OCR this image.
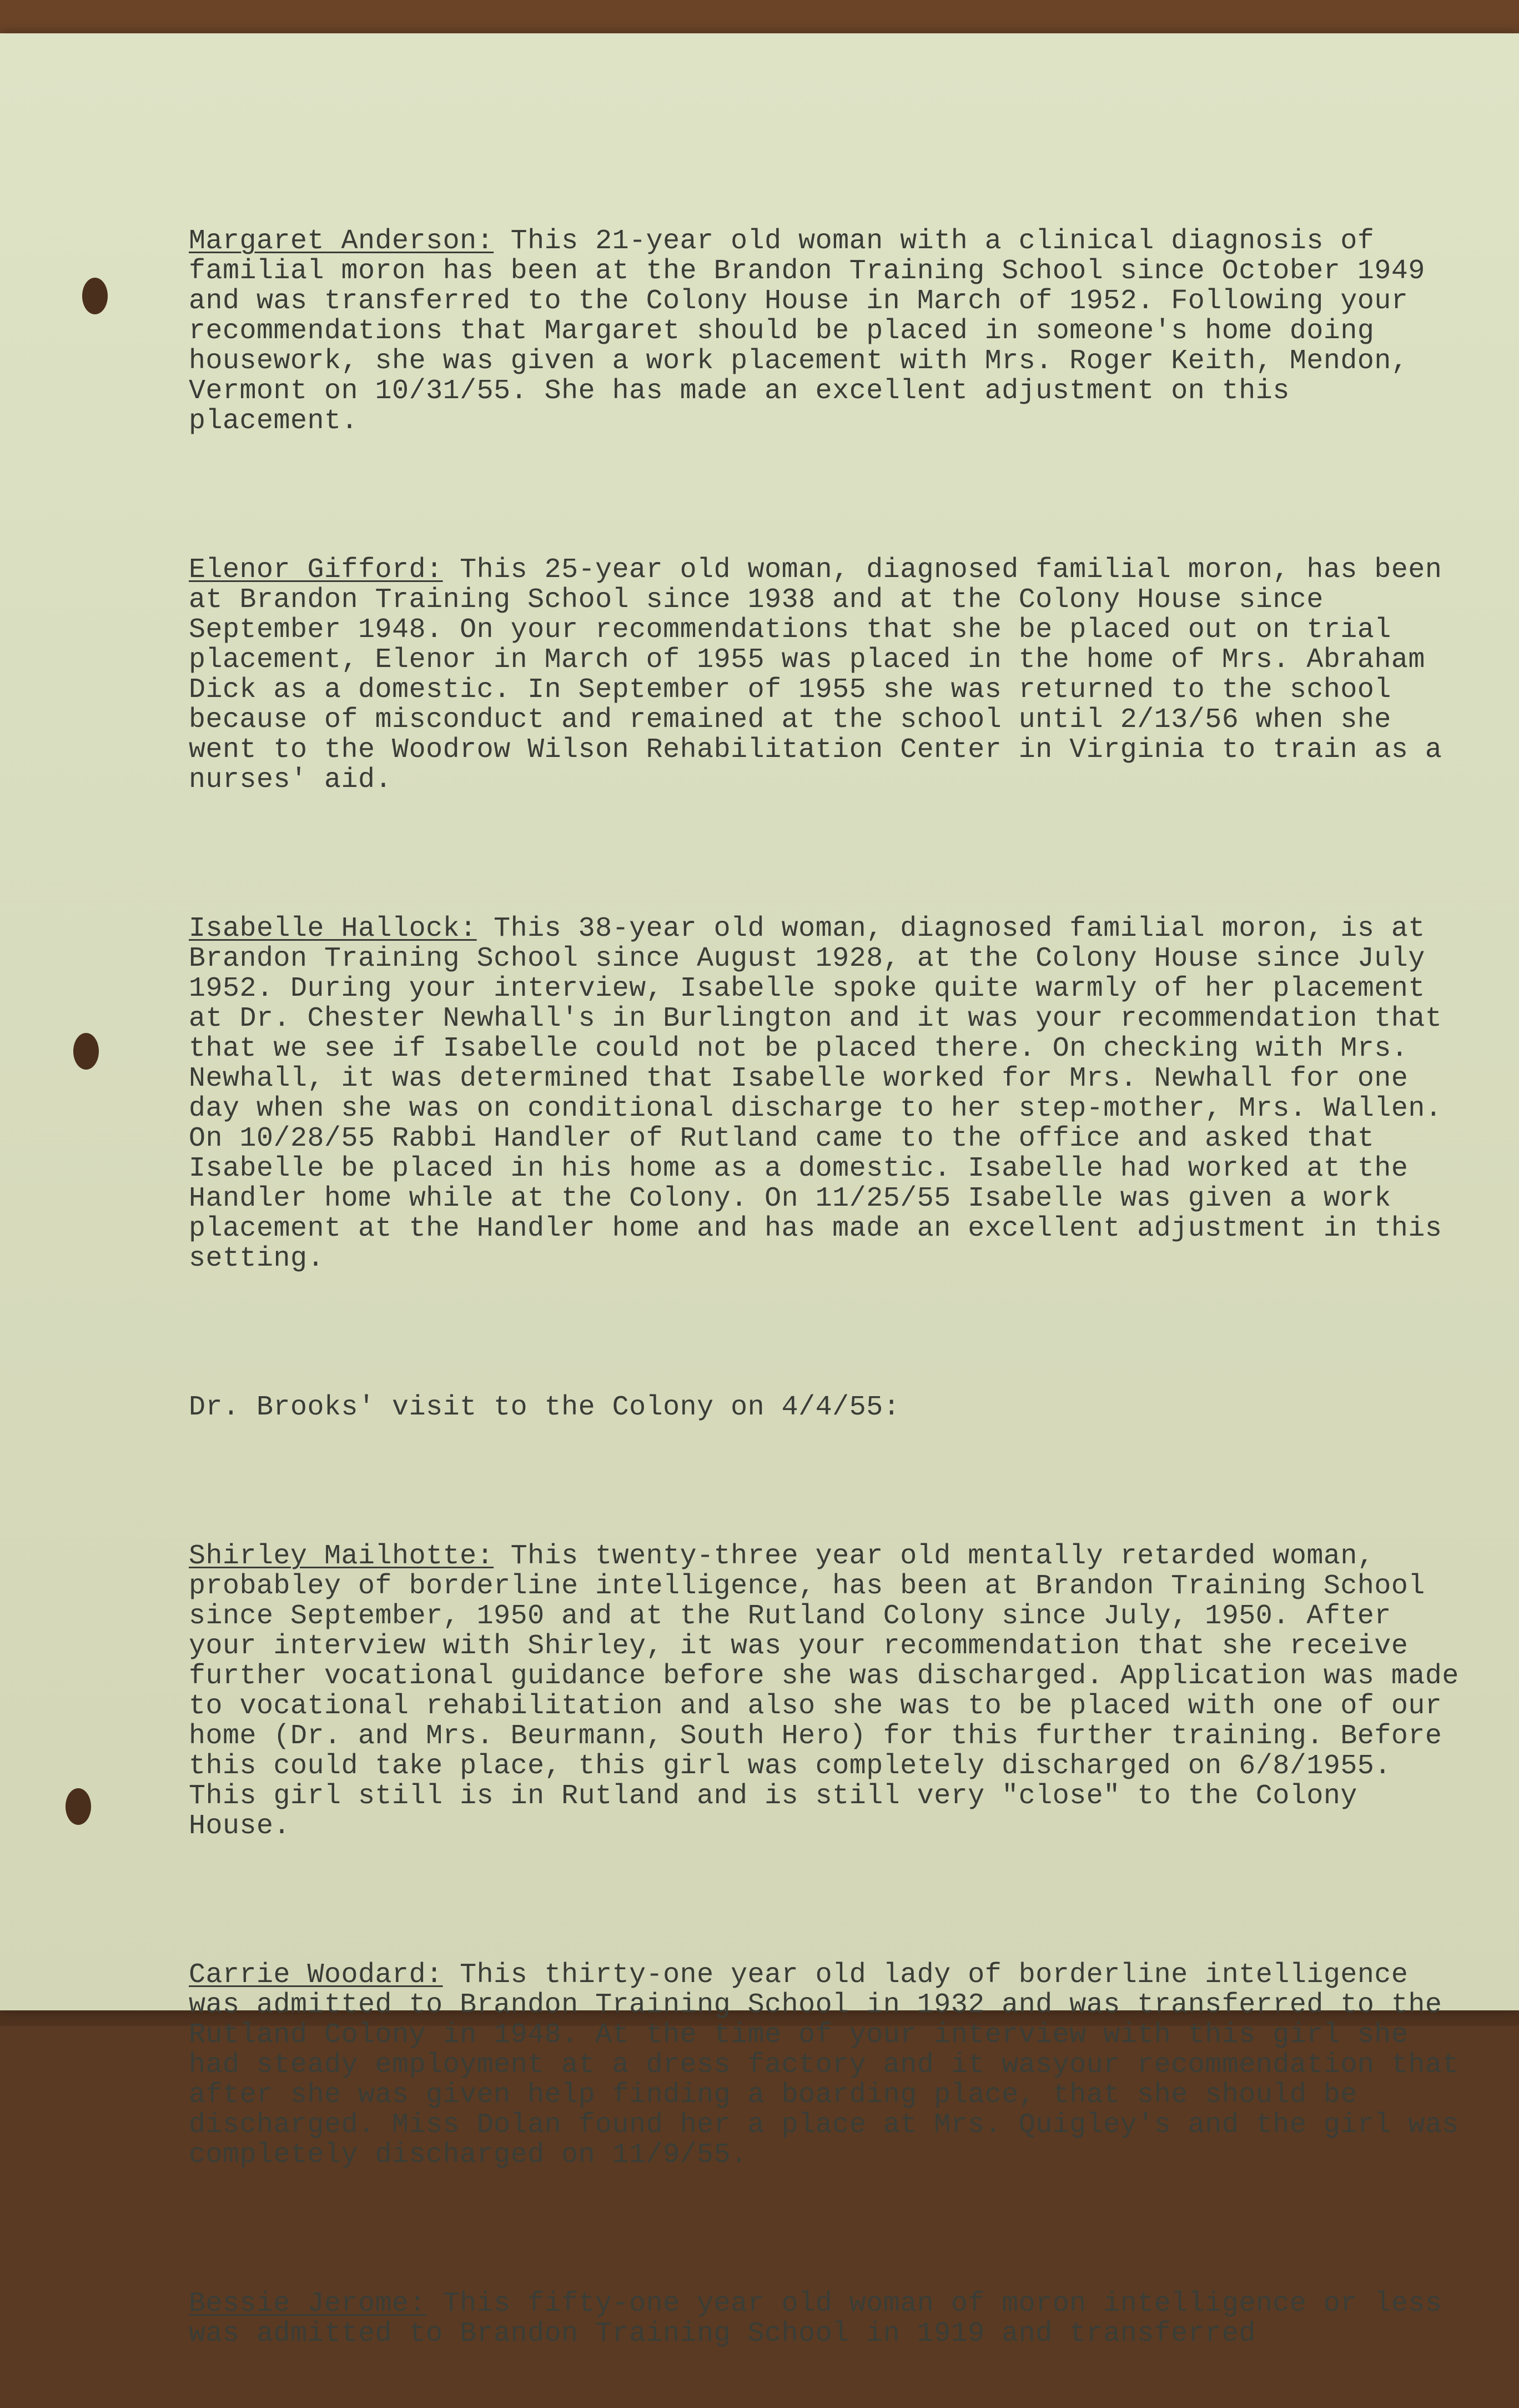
Margaret Anderson: This 21-year old woman with a clinical diagnosis of familial moron has been at the Brandon Training School since October 1949 and was transferred to the Colony House in March of 1952. Following your recommendations that Margaret should be placed in someone's home doing housework, she was given a work placement with Mrs. Roger Keith, Mendon, Vermont on 10/31/55. She has made an excellent adjustment on this placement.

Elenor Gifford: This 25-year old woman, diagnosed familial moron, has been at Brandon Training School since 1938 and at the Colony House since September 1948. On your recommendations that she be placed out on trial placement, Elenor in March of 1955 was placed in the home of Mrs. Abraham Dick as a domestic. In September of 1955 she was returned to the school because of misconduct and remained at the school until 2/13/56 when she went to the Woodrow Wilson Rehabilitation Center in Virginia to train as a nurses' aid.

Isabelle Hallock: This 38-year old woman, diagnosed familial moron, is at Brandon Training School since August 1928, at the Colony House since July 1952. During your interview, Isabelle spoke quite warmly of her placement at Dr. Chester Newhall's in Burlington and it was your recommendation that that we see if Isabelle could not be placed there. On checking with Mrs. Newhall, it was determined that Isabelle worked for Mrs. Newhall for one day when she was on conditional discharge to her step-mother, Mrs. Wallen. On 10/28/55 Rabbi Handler of Rutland came to the office and asked that Isabelle be placed in his home as a domestic. Isabelle had worked at the Handler home while at the Colony. On 11/25/55 Isabelle was given a work placement at the Handler home and has made an excellent adjustment in this setting.

Dr. Brooks' visit to the Colony on 4/4/55:

Shirley Mailhotte: This twenty-three year old mentally retarded woman, probabley of borderline intelligence, has been at Brandon Training School since September, 1950 and at the Rutland Colony since July, 1950. After your interview with Shirley, it was your recommendation that she receive further vocational guidance before she was discharged. Application was made to vocational rehabilitation and also she was to be placed with one of our home (Dr. and Mrs. Beurmann, South Hero) for this further training. Before this could take place, this girl was completely discharged on 6/8/1955. This girl still is in Rutland and is still very "close" to the Colony House.

Carrie Woodard: This thirty-one year old lady of borderline intelligence was admitted to Brandon Training School in 1932 and was transferred to the Rutland Colony in 1948. At the time of your interview with this girl she had steady employment at a dress factory and it wasyour recommendation that after she was given help finding a boarding place, that she should be discharged. Miss Dolan found her a place at Mrs. Quigley's and the girl was completely discharged on 11/9/55.

Bessie Jerome: This fifty-one year old woman of moron intelligence or less was admitted to Brandon Training School in 1919 and transferred
